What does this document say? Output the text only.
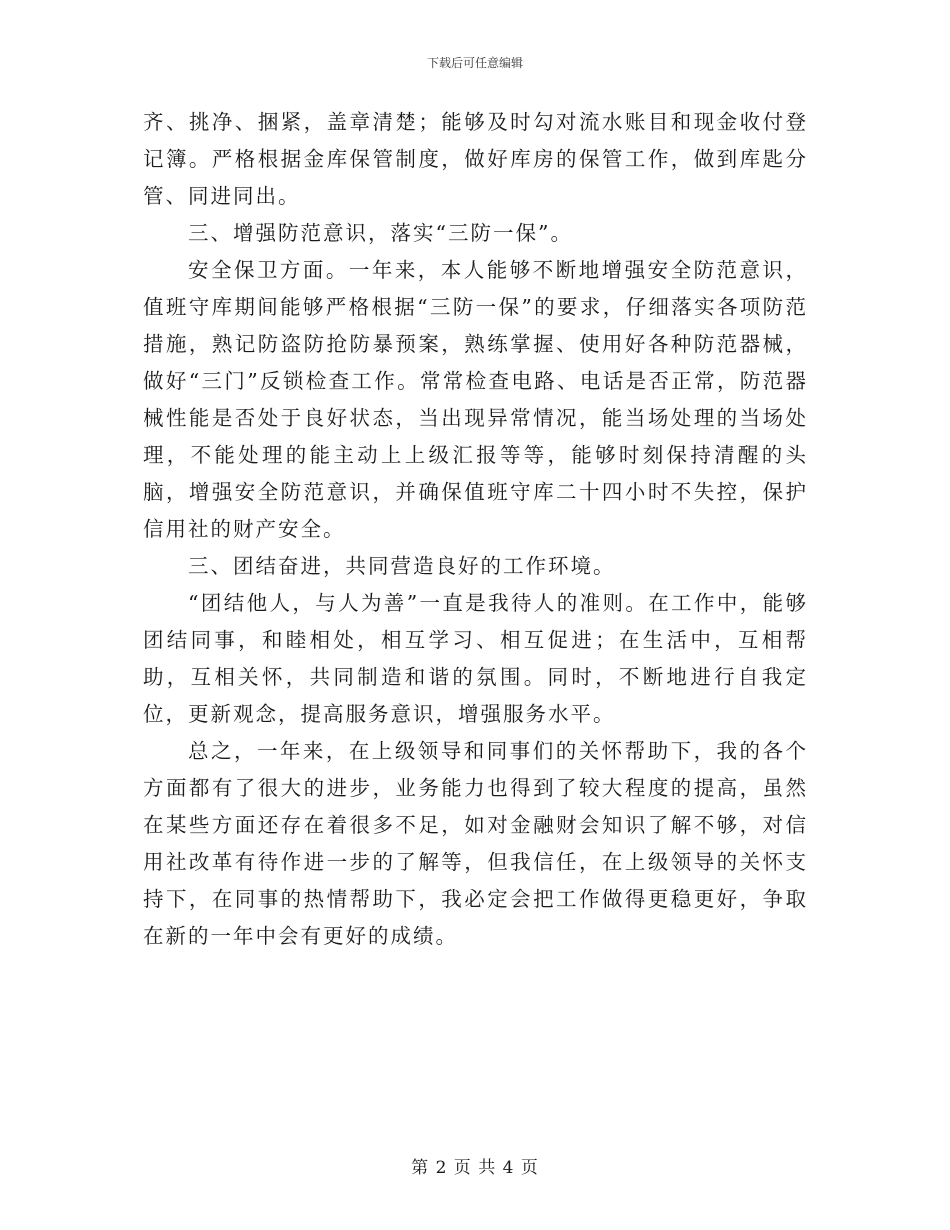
下载后可任意编辑

齐、挑净、捆紧，盖章清楚；能够及时勾对流水账目和现金收付登记簿。严格根据金库保管制度，做好库房的保管工作，做到库匙分管、同进同出。

三、增强防范意识，落实“三防一保”。

安全保卫方面。一年来，本人能够不断地增强安全防范意识，值班守库期间能够严格根据“三防一保”的要求，仔细落实各项防范措施，熟记防盗防抢防暴预案，熟练掌握、使用好各种防范器械，做好“三门”反锁检查工作。常常检查电路、电话是否正常，防范器械性能是否处于良好状态，当出现异常情况，能当场处理的当场处理，不能处理的能主动上上级汇报等等，能够时刻保持清醒的头脑，增强安全防范意识，并确保值班守库二十四小时不失控，保护信用社的财产安全。

三、团结奋进，共同营造良好的工作环境。

“团结他人，与人为善”一直是我待人的准则。在工作中，能够团结同事，和睦相处，相互学习、相互促进；在生活中，互相帮助，互相关怀，共同制造和谐的氛围。同时，不断地进行自我定位，更新观念，提高服务意识，增强服务水平。

总之，一年来，在上级领导和同事们的关怀帮助下，我的各个方面都有了很大的进步，业务能力也得到了较大程度的提高，虽然在某些方面还存在着很多不足，如对金融财会知识了解不够，对信用社改革有待作进一步的了解等，但我信任，在上级领导的关怀支持下，在同事的热情帮助下，我必定会把工作做得更稳更好，争取在新的一年中会有更好的成绩。

第 2 页 共 4 页
